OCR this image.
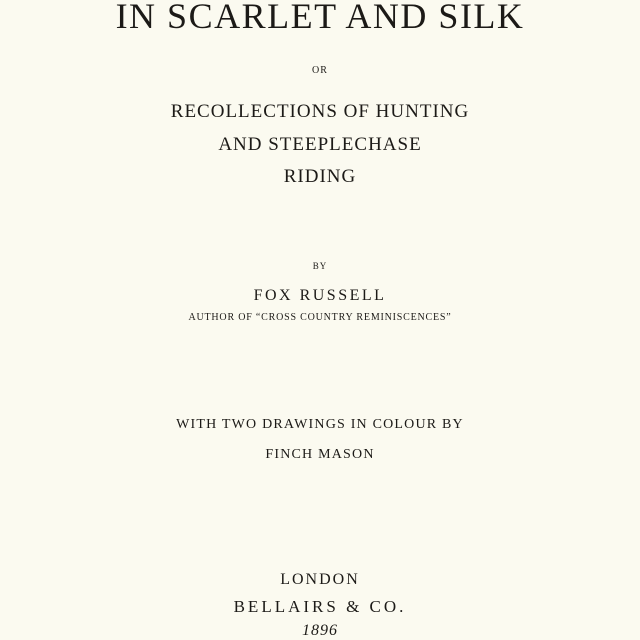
IN SCARLET AND SILK
OR
RECOLLECTIONS OF HUNTING
AND STEEPLECHASE
RIDING
BY
FOX RUSSELL
AUTHOR OF “CROSS COUNTRY REMINISCENCES”
WITH TWO DRAWINGS IN COLOUR BY
FINCH MASON
LONDON
BELLAIRS & CO.
1896
